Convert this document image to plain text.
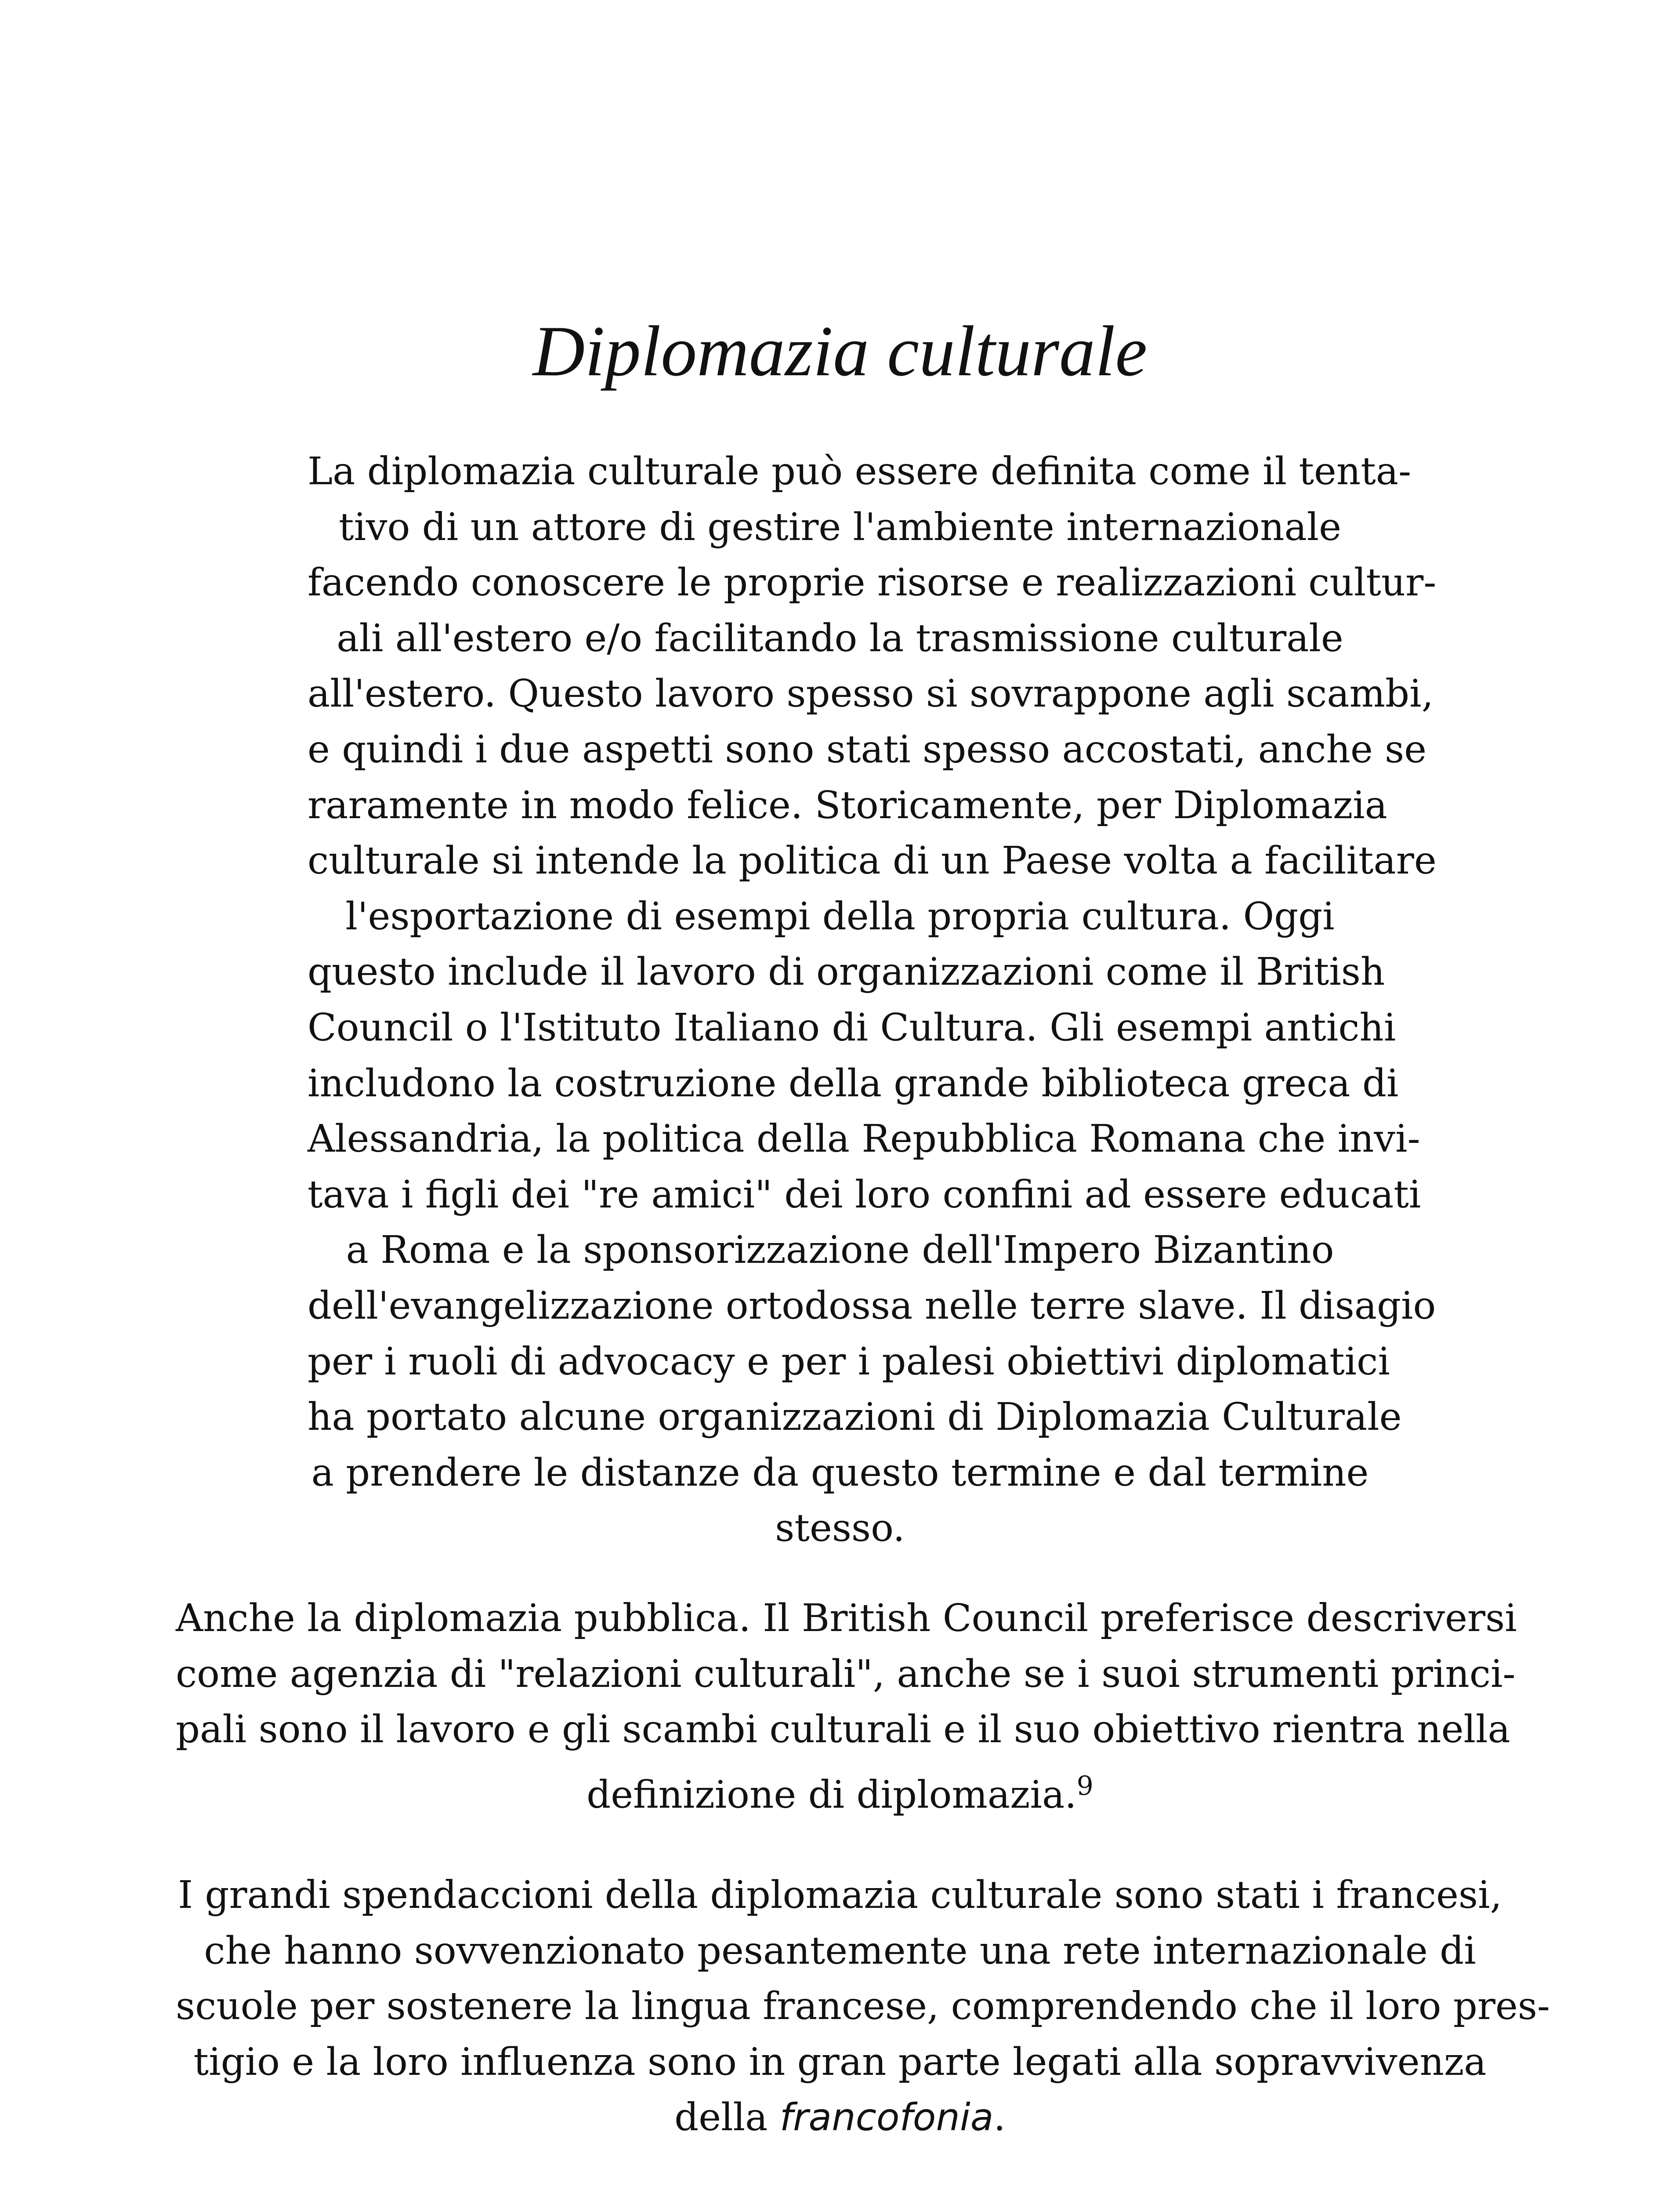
Diplomazia culturale

La diplomazia culturale può essere definita come il tenta-
tivo di un attore di gestire l'ambiente internazionale
facendo conoscere le proprie risorse e realizzazioni cultur-
ali all'estero e/o facilitando la trasmissione culturale
all'estero. Questo lavoro spesso si sovrappone agli scambi,
e quindi i due aspetti sono stati spesso accostati, anche se
raramente in modo felice. Storicamente, per Diplomazia
culturale si intende la politica di un Paese volta a facilitare
l'esportazione di esempi della propria cultura. Oggi
questo include il lavoro di organizzazioni come il British
Council o l'Istituto Italiano di Cultura. Gli esempi antichi
includono la costruzione della grande biblioteca greca di
Alessandria, la politica della Repubblica Romana che invi-
tava i figli dei "re amici" dei loro confini ad essere educati
a Roma e la sponsorizzazione dell'Impero Bizantino
dell'evangelizzazione ortodossa nelle terre slave. Il disagio
per i ruoli di advocacy e per i palesi obiettivi diplomatici
ha portato alcune organizzazioni di Diplomazia Culturale
a prendere le distanze da questo termine e dal termine
stesso.

Anche la diplomazia pubblica. Il British Council preferisce descriversi
come agenzia di "relazioni culturali", anche se i suoi strumenti princi-
pali sono il lavoro e gli scambi culturali e il suo obiettivo rientra nella
definizione di diplomazia.$^9$

I grandi spendaccioni della diplomazia culturale sono stati i francesi,
che hanno sovvenzionato pesantemente una rete internazionale di
scuole per sostenere la lingua francese, comprendendo che il loro pres-
tigio e la loro influenza sono in gran parte legati alla sopravvivenza
della francofonia.
